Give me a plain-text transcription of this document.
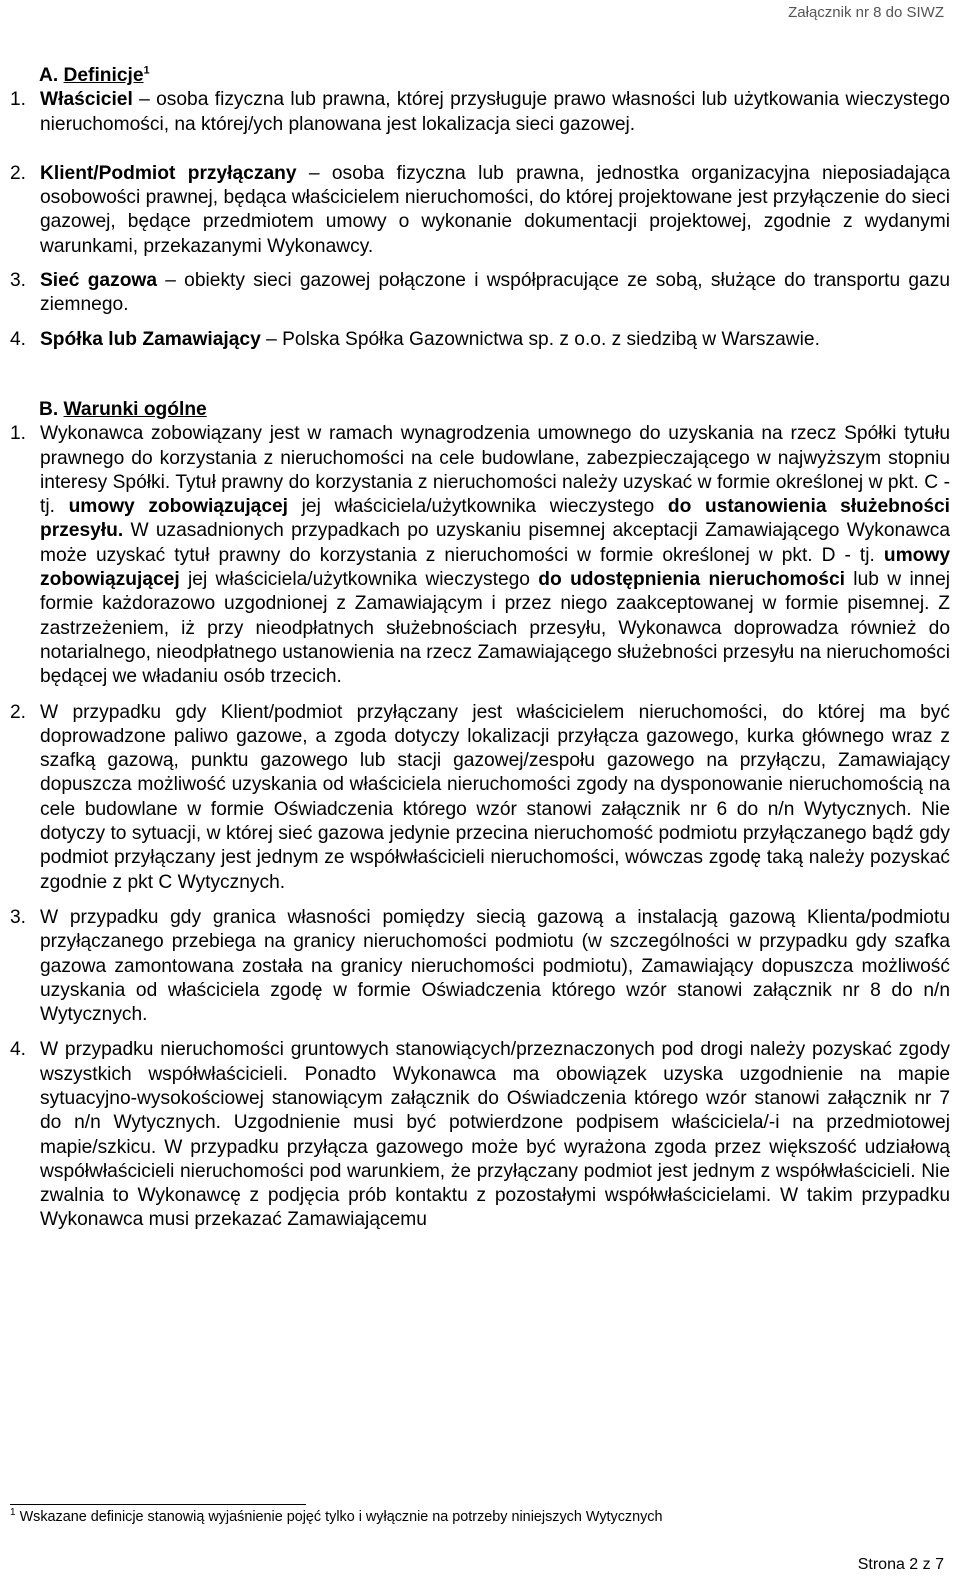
Załącznik nr 8 do SIWZ
A. Definicje$^1$
1. Właściciel – osoba fizyczna lub prawna, której przysługuje prawo własności lub użytkowania wieczystego nieruchomości, na której/ych planowana jest lokalizacja sieci gazowej.
2. Klient/Podmiot przyłączany – osoba fizyczna lub prawna, jednostka organizacyjna nieposiadająca osobowości prawnej, będąca właścicielem nieruchomości, do której projektowane jest przyłączenie do sieci gazowej, będące przedmiotem umowy o wykonanie dokumentacji projektowej, zgodnie z wydanymi warunkami, przekazanymi Wykonawcy.
3. Sieć gazowa – obiekty sieci gazowej połączone i współpracujące ze sobą, służące do transportu gazu ziemnego.
4. Spółka lub Zamawiający – Polska Spółka Gazownictwa sp. z o.o. z siedzibą w Warszawie.
B. Warunki ogólne
1. Wykonawca zobowiązany jest w ramach wynagrodzenia umownego do uzyskania na rzecz Spółki tytułu prawnego do korzystania z nieruchomości na cele budowlane, zabezpieczającego w najwyższym stopniu interesy Spółki. Tytuł prawny do korzystania z nieruchomości należy uzyskać w formie określonej w pkt. C - tj. umowy zobowiązującej jej właściciela/użytkownika wieczystego do ustanowienia służebności przesyłu. W uzasadnionych przypadkach po uzyskaniu pisemnej akceptacji Zamawiającego Wykonawca może uzyskać tytuł prawny do korzystania z nieruchomości w formie określonej w pkt. D - tj. umowy zobowiązującej jej właściciela/użytkownika wieczystego do udostępnienia nieruchomości lub w innej formie każdorazowo uzgodnionej z Zamawiającym i przez niego zaakceptowanej w formie pisemnej. Z zastrzeżeniem, iż przy nieodpłatnych służebnościach przesyłu, Wykonawca doprowadza również do notarialnego, nieodpłatnego ustanowienia na rzecz Zamawiającego służebności przesyłu na nieruchomości będącej we władaniu osób trzecich.
2. W przypadku gdy Klient/podmiot przyłączany jest właścicielem nieruchomości, do której ma być doprowadzone paliwo gazowe, a zgoda dotyczy lokalizacji przyłącza gazowego, kurka głównego wraz z szafką gazową, punktu gazowego lub stacji gazowej/zespołu gazowego na przyłączu, Zamawiający dopuszcza możliwość uzyskania od właściciela nieruchomości zgody na dysponowanie nieruchomością na cele budowlane w formie Oświadczenia którego wzór stanowi załącznik nr 6 do n/n Wytycznych. Nie dotyczy to sytuacji, w której sieć gazowa jedynie przecina nieruchomość podmiotu przyłączanego bądź gdy podmiot przyłączany jest jednym ze współwłaścicieli nieruchomości, wówczas zgodę taką należy pozyskać zgodnie z pkt C Wytycznych.
3. W przypadku gdy granica własności pomiędzy siecią gazową a instalacją gazową Klienta/podmiotu przyłączanego przebiega na granicy nieruchomości podmiotu (w szczególności w przypadku gdy szafka gazowa zamontowana została na granicy nieruchomości podmiotu), Zamawiający dopuszcza możliwość uzyskania od właściciela zgodę w formie Oświadczenia którego wzór stanowi załącznik nr 8 do n/n Wytycznych.
4. W przypadku nieruchomości gruntowych stanowiących/przeznaczonych pod drogi należy pozyskać zgody wszystkich współwłaścicieli. Ponadto Wykonawca ma obowiązek uzyska uzgodnienie na mapie sytuacyjno-wysokościowej stanowiącym załącznik do Oświadczenia którego wzór stanowi załącznik nr 7 do n/n Wytycznych. Uzgodnienie musi być potwierdzone podpisem właściciela/-i na przedmiotowej mapie/szkicu. W przypadku przyłącza gazowego może być wyrażona zgoda przez większość udziałową współwłaścicieli nieruchomości pod warunkiem, że przyłączany podmiot jest jednym z współwłaścicieli. Nie zwalnia to Wykonawcę z podjęcia prób kontaktu z pozostałymi współwłaścicielami. W takim przypadku Wykonawca musi przekazać Zamawiającemu
$^1$ Wskazane definicje stanowią wyjaśnienie pojęć tylko i wyłącznie na potrzeby niniejszych Wytycznych
Strona 2 z 7
